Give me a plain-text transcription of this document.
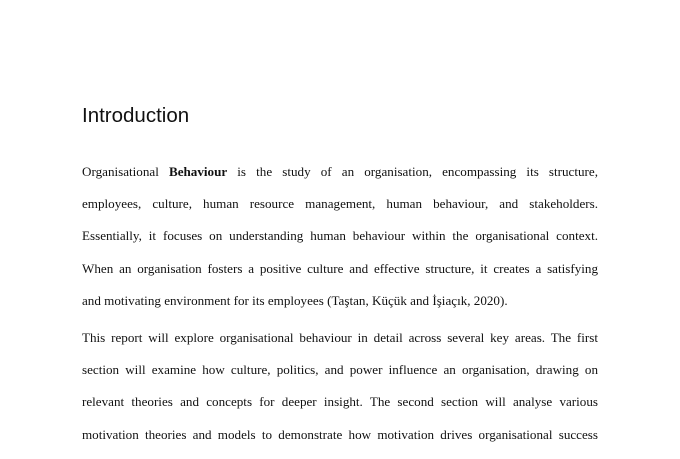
Introduction
Organisational Behaviour is the study of an organisation, encompassing its structure,
employees, culture, human resource management, human behaviour, and stakeholders.
Essentially, it focuses on understanding human behaviour within the organisational context.
When an organisation fosters a positive culture and effective structure, it creates a satisfying
and motivating environment for its employees (Taştan, Küçük and İşiaçık, 2020).
This report will explore organisational behaviour in detail across several key areas. The first
section will examine how culture, politics, and power influence an organisation, drawing on
relevant theories and concepts for deeper insight. The second section will analyse various
motivation theories and models to demonstrate how motivation drives organisational success
